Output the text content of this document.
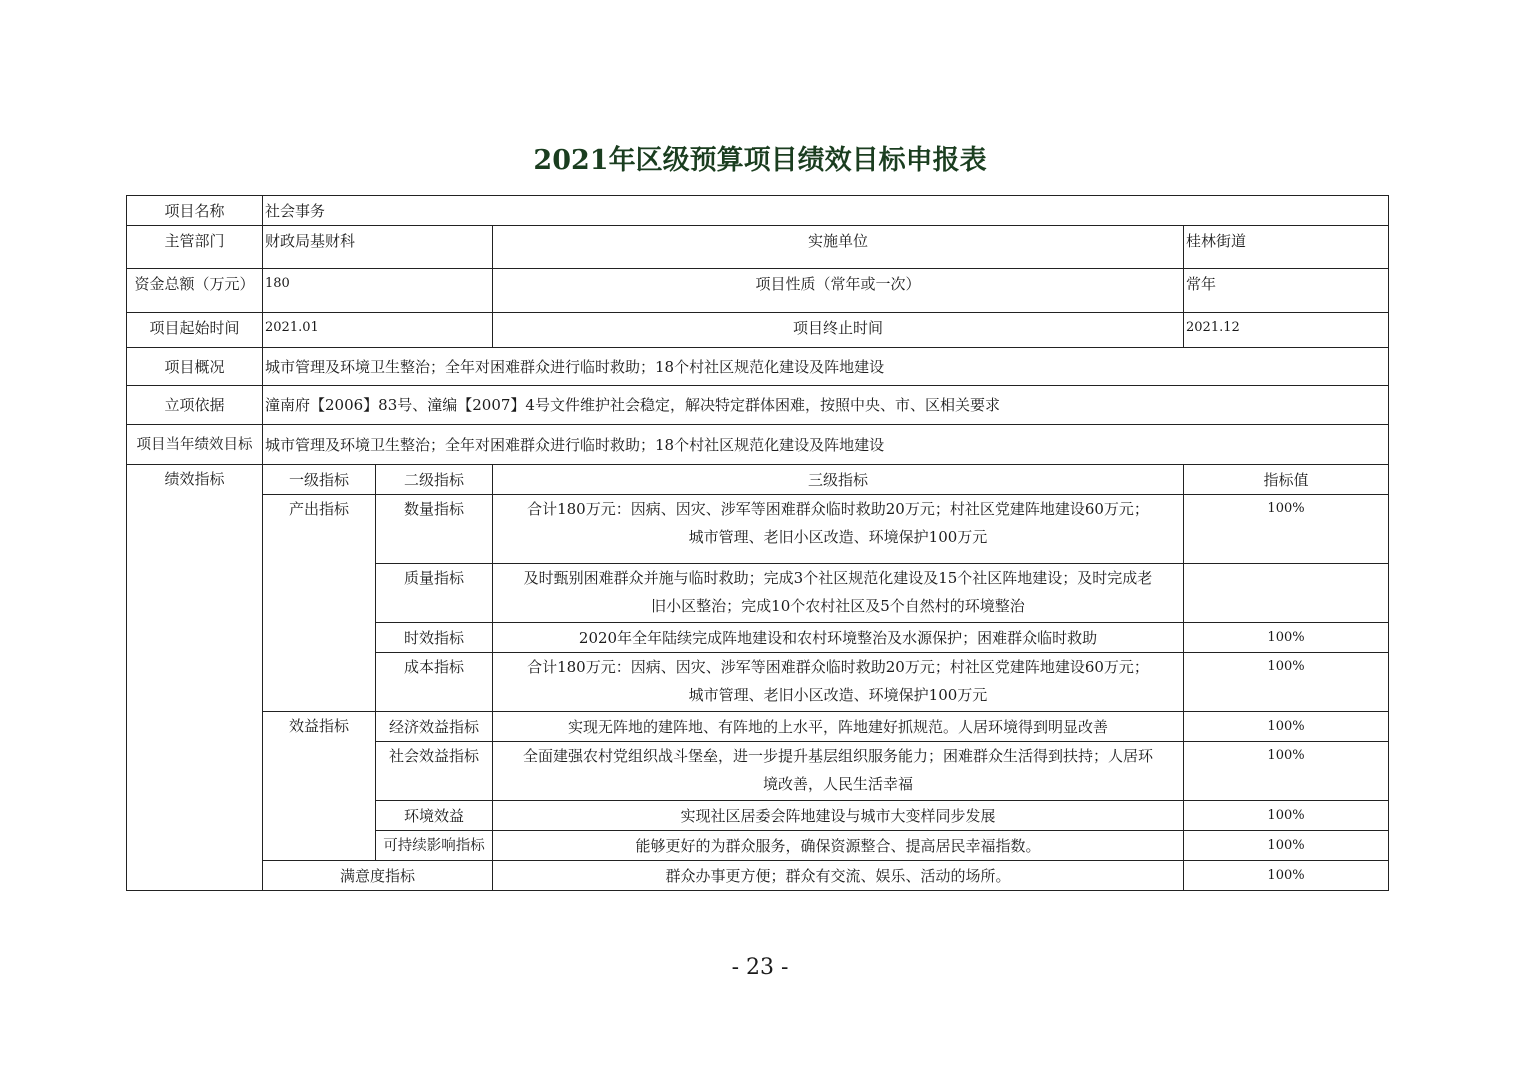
2021年区级预算项目绩效目标申报表
项目名称	社会事务			
主管部门	财政局基财科		实施单位	桂林街道
资金总额（万元）	180		项目性质（常年或一次）	常年
项目起始时间	2021.01		项目终止时间	2021.12
项目概况	城市管理及环境卫生整治；全年对困难群众进行临时救助；18个村社区规范化建设及阵地建设			
立项依据	潼南府【2006】83号、潼编【2007】4号文件维护社会稳定，解决特定群体困难，按照中央、市、区相关要求			
项目当年绩效目标	城市管理及环境卫生整治；全年对困难群众进行临时救助；18个村社区规范化建设及阵地建设			
绩效指标	一级指标	二级指标	三级指标	指标值
	产出指标	数量指标	合计180万元：因病、因灾、涉军等困难群众临时救助20万元；村社区党建阵地建设60万元；
城市管理、老旧小区改造、环境保护100万元	100%
		质量指标	及时甄别困难群众并施与临时救助；完成3个社区规范化建设及15个社区阵地建设；及时完成老
旧小区整治；完成10个农村社区及5个自然村的环境整治	

		时效指标	2020年全年陆续完成阵地建设和农村环境整治及水源保护；困难群众临时救助	100%
		成本指标	合计180万元：因病、因灾、涉军等困难群众临时救助20万元；村社区党建阵地建设60万元；
城市管理、老旧小区改造、环境保护100万元	100%
	效益指标	经济效益指标	实现无阵地的建阵地、有阵地的上水平，阵地建好抓规范。人居环境得到明显改善	100%
		社会效益指标	全面建强农村党组织战斗堡垒，进一步提升基层组织服务能力；困难群众生活得到扶持；人居环
境改善，人民生活幸福	100%
		环境效益	实现社区居委会阵地建设与城市大变样同步发展	100%
		可持续影响指标	能够更好的为群众服务，确保资源整合、提高居民幸福指数。	100%
	满意度指标		群众办事更方便；群众有交流、娱乐、活动的场所。	100%
- 23 -
